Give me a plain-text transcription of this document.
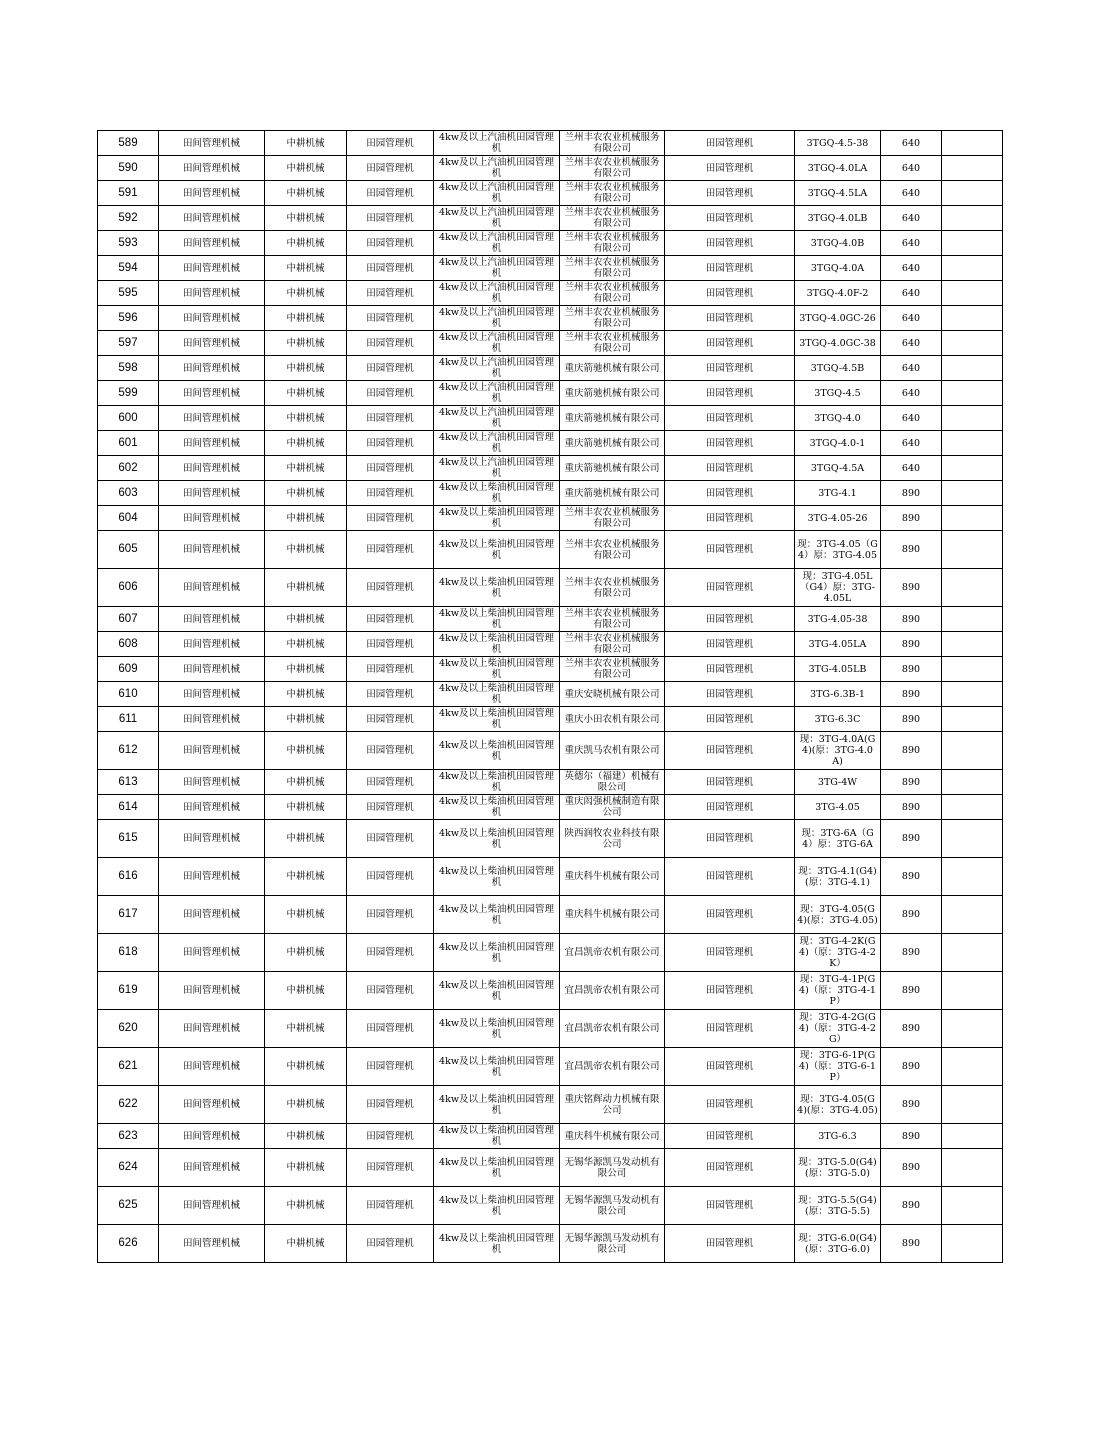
589	田间管理机械	中耕机械	田园管理机	4kw及以上汽油机田园管理机	兰州丰农农业机械服务有限公司	田园管理机	3TGQ-4.5-38	640	
590	田间管理机械	中耕机械	田园管理机	4kw及以上汽油机田园管理机	兰州丰农农业机械服务有限公司	田园管理机	3TGQ-4.0LA	640	
591	田间管理机械	中耕机械	田园管理机	4kw及以上汽油机田园管理机	兰州丰农农业机械服务有限公司	田园管理机	3TGQ-4.5LA	640	
592	田间管理机械	中耕机械	田园管理机	4kw及以上汽油机田园管理机	兰州丰农农业机械服务有限公司	田园管理机	3TGQ-4.0LB	640	
593	田间管理机械	中耕机械	田园管理机	4kw及以上汽油机田园管理机	兰州丰农农业机械服务有限公司	田园管理机	3TGQ-4.0B	640	
594	田间管理机械	中耕机械	田园管理机	4kw及以上汽油机田园管理机	兰州丰农农业机械服务有限公司	田园管理机	3TGQ-4.0A	640	
595	田间管理机械	中耕机械	田园管理机	4kw及以上汽油机田园管理机	兰州丰农农业机械服务有限公司	田园管理机	3TGQ-4.0F-2	640	
596	田间管理机械	中耕机械	田园管理机	4kw及以上汽油机田园管理机	兰州丰农农业机械服务有限公司	田园管理机	3TGQ-4.0GC-26	640	
597	田间管理机械	中耕机械	田园管理机	4kw及以上汽油机田园管理机	兰州丰农农业机械服务有限公司	田园管理机	3TGQ-4.0GC-38	640	
598	田间管理机械	中耕机械	田园管理机	4kw及以上汽油机田园管理机	重庆箭驰机械有限公司	田园管理机	3TGQ-4.5B	640	
599	田间管理机械	中耕机械	田园管理机	4kw及以上汽油机田园管理机	重庆箭驰机械有限公司	田园管理机	3TGQ-4.5	640	
600	田间管理机械	中耕机械	田园管理机	4kw及以上汽油机田园管理机	重庆箭驰机械有限公司	田园管理机	3TGQ-4.0	640	
601	田间管理机械	中耕机械	田园管理机	4kw及以上汽油机田园管理机	重庆箭驰机械有限公司	田园管理机	3TGQ-4.0-1	640	
602	田间管理机械	中耕机械	田园管理机	4kw及以上汽油机田园管理机	重庆箭驰机械有限公司	田园管理机	3TGQ-4.5A	640	
603	田间管理机械	中耕机械	田园管理机	4kw及以上柴油机田园管理机	重庆箭驰机械有限公司	田园管理机	3TG-4.1	890	
604	田间管理机械	中耕机械	田园管理机	4kw及以上柴油机田园管理机	兰州丰农农业机械服务有限公司	田园管理机	3TG-4.05-26	890	
605	田间管理机械	中耕机械	田园管理机	4kw及以上柴油机田园管理机	兰州丰农农业机械服务有限公司	田园管理机	现：3TG-4.05（G4）原：3TG-4.05	890	
606	田间管理机械	中耕机械	田园管理机	4kw及以上柴油机田园管理机	兰州丰农农业机械服务有限公司	田园管理机	现：3TG-4.05L（G4）原：3TG-4.05L	890	
607	田间管理机械	中耕机械	田园管理机	4kw及以上柴油机田园管理机	兰州丰农农业机械服务有限公司	田园管理机	3TG-4.05-38	890	
608	田间管理机械	中耕机械	田园管理机	4kw及以上柴油机田园管理机	兰州丰农农业机械服务有限公司	田园管理机	3TG-4.05LA	890	
609	田间管理机械	中耕机械	田园管理机	4kw及以上柴油机田园管理机	兰州丰农农业机械服务有限公司	田园管理机	3TG-4.05LB	890	
610	田间管理机械	中耕机械	田园管理机	4kw及以上柴油机田园管理机	重庆安晓机械有限公司	田园管理机	3TG-6.3B-1	890	
611	田间管理机械	中耕机械	田园管理机	4kw及以上柴油机田园管理机	重庆小田农机有限公司	田园管理机	3TG-6.3C	890	
612	田间管理机械	中耕机械	田园管理机	4kw及以上柴油机田园管理机	重庆凯马农机有限公司	田园管理机	现：3TG-4.0A(G4)(原：3TG-4.0A)	890	
613	田间管理机械	中耕机械	田园管理机	4kw及以上柴油机田园管理机	英德尔（福建）机械有限公司	田园管理机	3TG-4W	890	
614	田间管理机械	中耕机械	田园管理机	4kw及以上柴油机田园管理机	重庆闳强机械制造有限公司	田园管理机	3TG-4.05	890	
615	田间管理机械	中耕机械	田园管理机	4kw及以上柴油机田园管理机	陕西润牧农业科技有限公司	田园管理机	现：3TG-6A（G4）原：3TG-6A	890	
616	田间管理机械	中耕机械	田园管理机	4kw及以上柴油机田园管理机	重庆科牛机械有限公司	田园管理机	现：3TG-4.1(G4)(原：3TG-4.1)	890	
617	田间管理机械	中耕机械	田园管理机	4kw及以上柴油机田园管理机	重庆科牛机械有限公司	田园管理机	现：3TG-4.05(G4)(原：3TG-4.05)	890	
618	田间管理机械	中耕机械	田园管理机	4kw及以上柴油机田园管理机	宜昌凯帝农机有限公司	田园管理机	现：3TG-4-2K(G4)（原：3TG-4-2K）	890	
619	田间管理机械	中耕机械	田园管理机	4kw及以上柴油机田园管理机	宜昌凯帝农机有限公司	田园管理机	现：3TG-4-1P(G4)（原：3TG-4-1P）	890	
620	田间管理机械	中耕机械	田园管理机	4kw及以上柴油机田园管理机	宜昌凯帝农机有限公司	田园管理机	现：3TG-4-2G(G4)（原：3TG-4-2G）	890	
621	田间管理机械	中耕机械	田园管理机	4kw及以上柴油机田园管理机	宜昌凯帝农机有限公司	田园管理机	现：3TG-6-1P(G4)（原：3TG-6-1P）	890	
622	田间管理机械	中耕机械	田园管理机	4kw及以上柴油机田园管理机	重庆铭辉动力机械有限公司	田园管理机	现：3TG-4.05(G4)(原：3TG-4.05)	890	
623	田间管理机械	中耕机械	田园管理机	4kw及以上柴油机田园管理机	重庆科牛机械有限公司	田园管理机	3TG-6.3	890	
624	田间管理机械	中耕机械	田园管理机	4kw及以上柴油机田园管理机	无锡华源凯马发动机有限公司	田园管理机	现：3TG-5.0(G4)(原：3TG-5.0)	890	
625	田间管理机械	中耕机械	田园管理机	4kw及以上柴油机田园管理机	无锡华源凯马发动机有限公司	田园管理机	现：3TG-5.5(G4)(原：3TG-5.5)	890	
626	田间管理机械	中耕机械	田园管理机	4kw及以上柴油机田园管理机	无锡华源凯马发动机有限公司	田园管理机	现：3TG-6.0(G4)(原：3TG-6.0)	890	
